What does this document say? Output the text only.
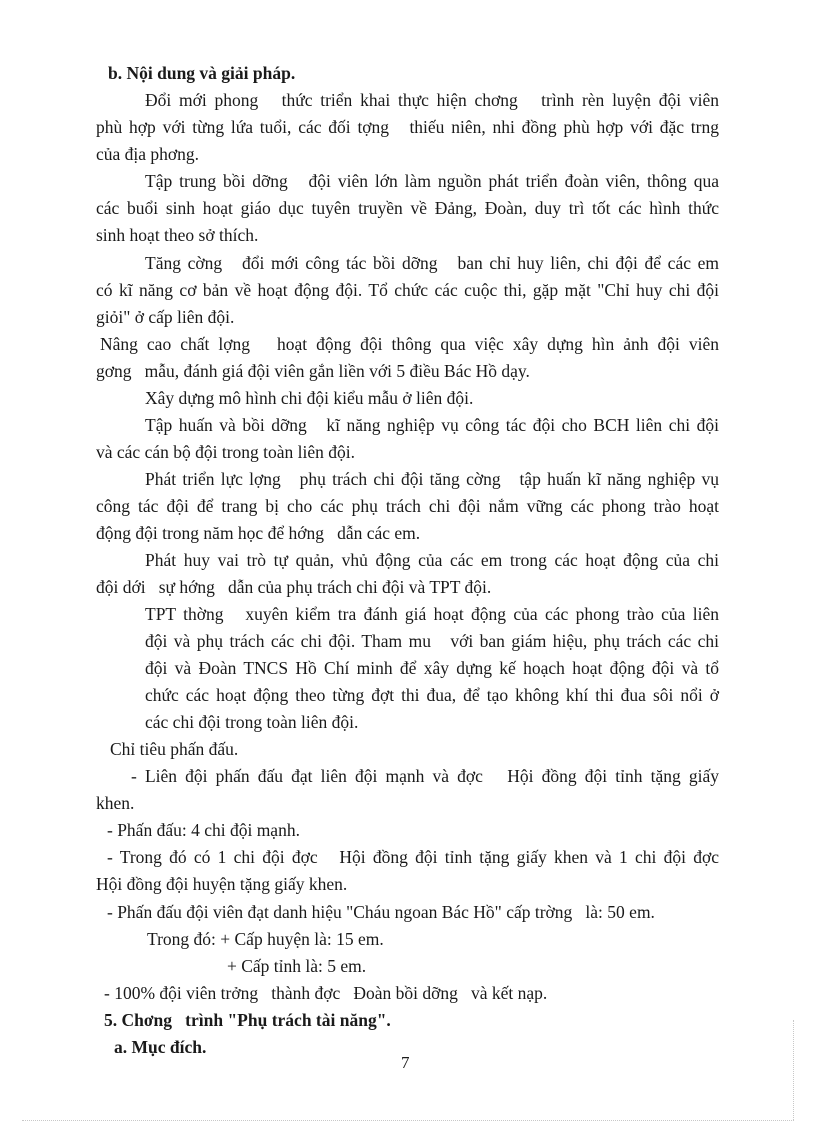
b. Nội dung và giải pháp.
Đổi mới phong   thức triển khai thực hiện chơng   trình rèn luyện đội viên
phù hợp với từng lứa tuổi, các đối tợng   thiếu niên, nhi đồng phù hợp với đặc trng
của địa phơng.
Tập trung bồi dỡng   đội viên lớn làm nguồn phát triển đoàn viên, thông qua
các buổi sinh hoạt giáo dục tuyên truyền về Đảng, Đoàn, duy trì tốt các hình thức
sinh hoạt theo sở thích.
Tăng cờng   đổi mới công tác bồi dỡng   ban chỉ huy liên, chi đội để các em
có kĩ năng cơ bản về hoạt động đội. Tổ chức các cuộc thi, gặp mặt "Chỉ huy chi đội
giỏi" ở cấp liên đội.
Nâng cao chất lợng   hoạt động đội thông qua việc xây dựng hìn ảnh đội viên
gơng   mẫu, đánh giá đội viên gắn liền với 5 điều Bác Hồ dạy.
Xây dựng mô hình chi đội kiểu mẫu ở liên đội.
Tập huấn và bồi dỡng   kĩ năng nghiệp vụ công tác đội cho BCH liên chi đội
và các cán bộ đội trong toàn liên đội.
Phát triển lực lợng   phụ trách chi đội tăng cờng   tập huấn kĩ năng nghiệp vụ
công tác đội để trang bị cho các phụ trách chi đội nắm vững các phong trào hoạt
động đội trong năm học để hớng   dẫn các em.
Phát huy vai trò tự quản, vhủ động của các em trong các hoạt động của chi
đội dới   sự hớng   dẫn của phụ trách chi đội và TPT đội.
TPT thờng   xuyên kiểm tra đánh giá hoạt động của các phong trào của liên
đội và phụ trách các chi đội. Tham mu   với ban giám hiệu, phụ trách các chi
đội và Đoàn TNCS Hồ Chí minh để xây dựng kế hoạch hoạt động đội và tổ
chức các hoạt động theo từng đợt thi đua, để tạo không khí thi đua sôi nổi ở
các chi đội trong toàn liên đội.
Chỉ tiêu phấn đấu.
- Liên đội phấn đấu đạt liên đội mạnh và đợc   Hội đồng đội tỉnh tặng giấy
khen.
- Phấn đấu: 4 chi đội mạnh.
- Trong đó có 1 chi đội đợc   Hội đồng đội tỉnh tặng giấy khen và 1 chi đội đợc
Hội đồng đội huyện tặng giấy khen.
- Phấn đấu đội viên đạt danh hiệu "Cháu ngoan Bác Hồ" cấp trờng   là: 50 em.
Trong đó: + Cấp huyện là: 15 em.
+ Cấp tỉnh là: 5 em.
- 100% đội viên trởng   thành đợc   Đoàn bồi dỡng   và kết nạp.
5. Chơng   trình "Phụ trách tài năng".
a. Mục đích.
7
